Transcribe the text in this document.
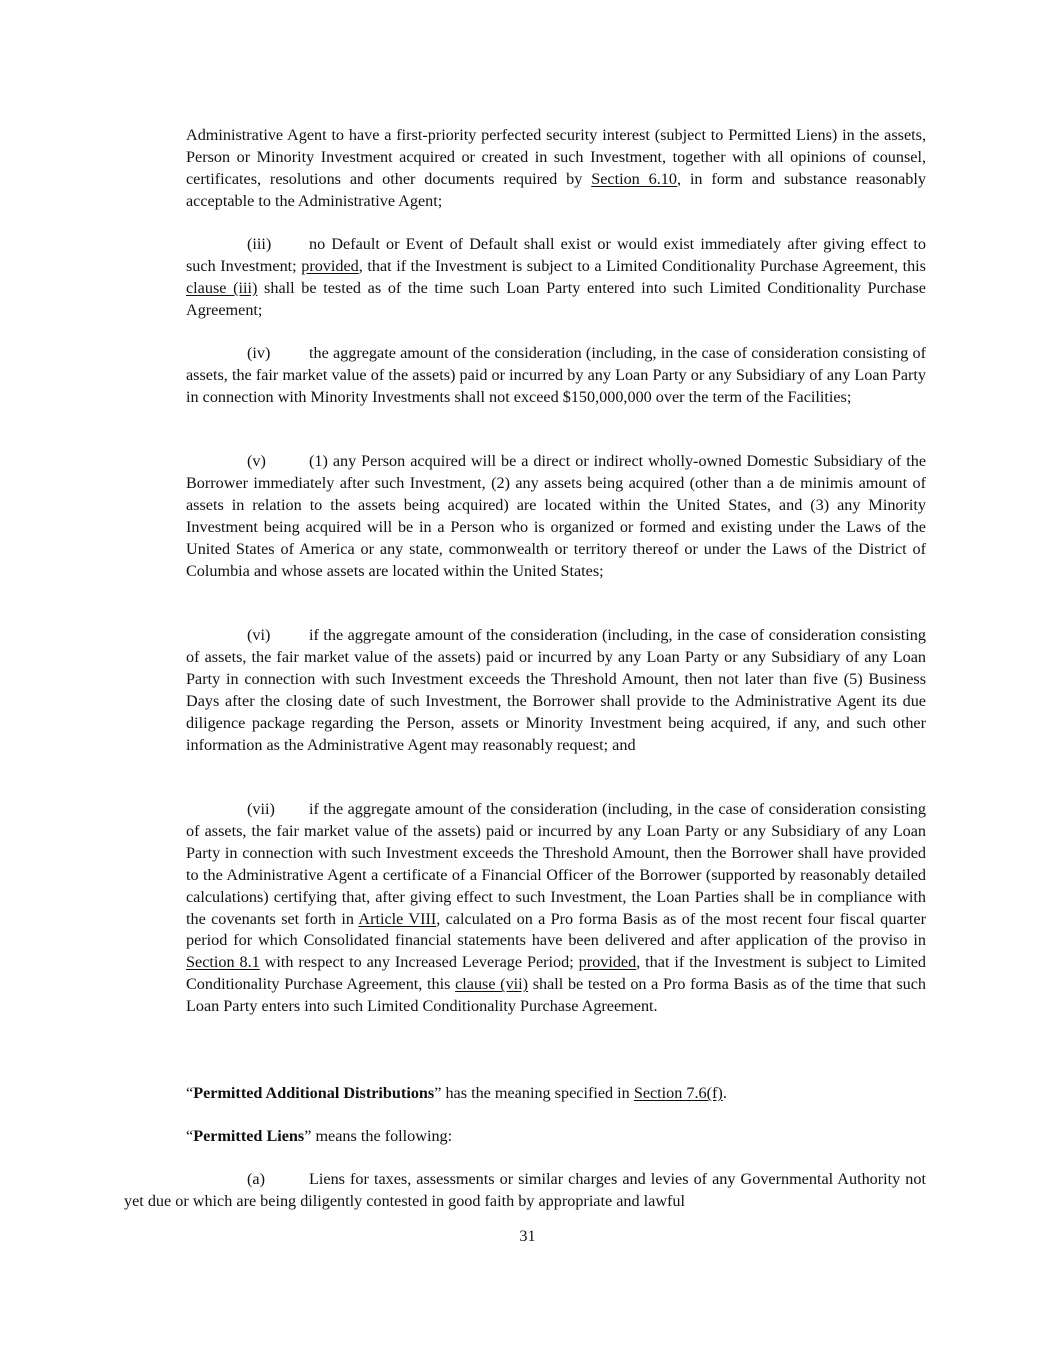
Administrative Agent to have a first-priority perfected security interest (subject to Permitted Liens) in the assets, Person or Minority Investment acquired or created in such Investment, together with all opinions of counsel, certificates, resolutions and other documents required by Section 6.10, in form and substance reasonably acceptable to the Administrative Agent;

(iii) no Default or Event of Default shall exist or would exist immediately after giving effect to such Investment; provided, that if the Investment is subject to a Limited Conditionality Purchase Agreement, this clause (iii) shall be tested as of the time such Loan Party entered into such Limited Conditionality Purchase Agreement;

(iv) the aggregate amount of the consideration (including, in the case of consideration consisting of assets, the fair market value of the assets) paid or incurred by any Loan Party or any Subsidiary of any Loan Party in connection with Minority Investments shall not exceed $150,000,000 over the term of the Facilities;

(v)	(1) any Person acquired will be a direct or indirect wholly-owned Domestic Subsidiary of the Borrower immediately after such Investment, (2) any assets being acquired (other than a de minimis amount of assets in relation to the assets being acquired) are located within the United States, and (3) any Minority Investment being acquired will be in a Person who is organized or formed and existing under the Laws of the United States of America or any state, commonwealth or territory thereof or under the Laws of the District of Columbia and whose assets are located within the United States;

(vi) if the aggregate amount of the consideration (including, in the case of consideration consisting of assets, the fair market value of the assets) paid or incurred by any Loan Party or any Subsidiary of any Loan Party in connection with such Investment exceeds the Threshold Amount, then not later than five (5) Business Days after the closing date of such Investment, the Borrower shall provide to the Administrative Agent its due diligence package regarding the Person, assets or Minority Investment being acquired, if any, and such other information as the Administrative Agent may reasonably request; and

(vii) if the aggregate amount of the consideration (including, in the case of consideration consisting of assets, the fair market value of the assets) paid or incurred by any Loan Party or any Subsidiary of any Loan Party in connection with such Investment exceeds the Threshold Amount, then the Borrower shall have provided to the Administrative Agent a certificate of a Financial Officer of the Borrower (supported by reasonably detailed calculations) certifying that, after giving effect to such Investment, the Loan Parties shall be in compliance with the covenants set forth in Article VIII, calculated on a Pro forma Basis as of the most recent four fiscal quarter period for which Consolidated financial statements have been delivered and after application of the proviso in Section 8.1 with respect to any Increased Leverage Period; provided, that if the Investment is subject to Limited Conditionality Purchase Agreement, this clause (vii) shall be tested on a Pro forma Basis as of the time that such Loan Party enters into such Limited Conditionality Purchase Agreement.

“Permitted Additional Distributions” has the meaning specified in Section 7.6(f).

“Permitted Liens” means the following:

(a)	Liens for taxes, assessments or similar charges and levies of any Governmental Authority not yet due or which are being diligently contested in good faith by appropriate and lawful

31
